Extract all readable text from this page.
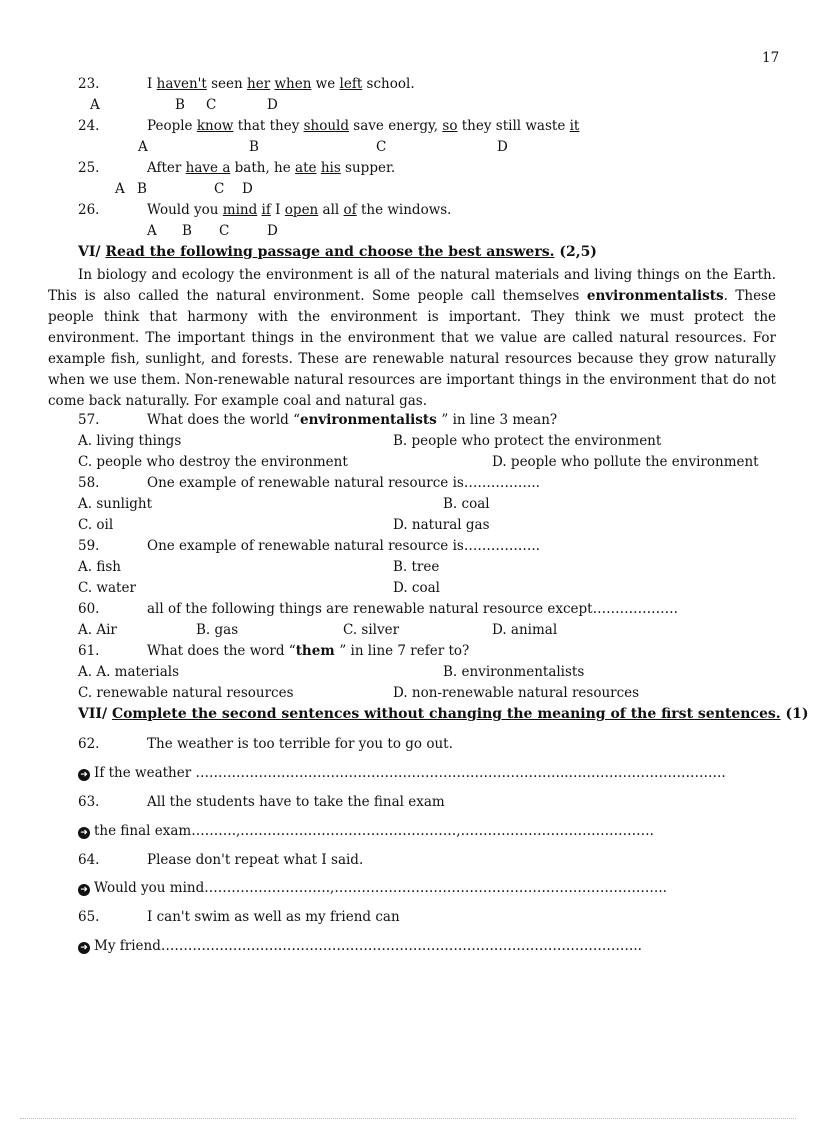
17
23.	I haven't seen her when we left school.
A	B C	D
24.	People know that they should save energy, so they still waste it
A	B	C	D
25.	After have a bath, he ate his supper.
A B	C D
26.	Would you mind if I open all of the windows.
A B C	D
VI/ Read the following passage and choose the best answers. (2,5)
In biology and ecology the environment is all of the natural materials and living things on the Earth. This is also called the natural environment. Some people call themselves environmentalists. These people think that harmony with the environment is important. They think we must protect the environment. The important things in the environment that we value are called natural resources. For example fish, sunlight, and forests. These are renewable natural resources because they grow naturally when we use them. Non-renewable natural resources are important things in the environment that do not come back naturally. For example coal and natural gas.
57.	What does the world “environmentalists ” in line 3 mean?
A. living things	B. people who protect the environment
C. people who destroy the environment	D. people who pollute the environment
58.	One example of renewable natural resource is……………..
A. sunlight	B. coal
C. oil	D. natural gas
59.	One example of renewable natural resource is……………..
A. fish	B. tree
C. water	D. coal
60.	all of the following things are renewable natural resource except……………….
A. Air	B. gas	C. silver	D. animal
61.	What does the word “them ” in line 7 refer to?
A. A. materials	B. environmentalists
C. renewable natural resources	D. non-renewable natural resources
VII/ Complete the second sentences without changing the meaning of the first sentences. (1)
62.	The weather is too terrible for you to go out.
➜ If the weather ………………………………………………………………………..……………………………..
63.	All the students have to take the final exam
➜ the final exam……….,…………………………………………,…………………………………….
64.	Please don't repeat what I said.
➜ Would you mind……………………….,………………………………………………………………..
65.	I can't swim as well as my friend can
➜ My friend……………………………………………………………………………………………..
